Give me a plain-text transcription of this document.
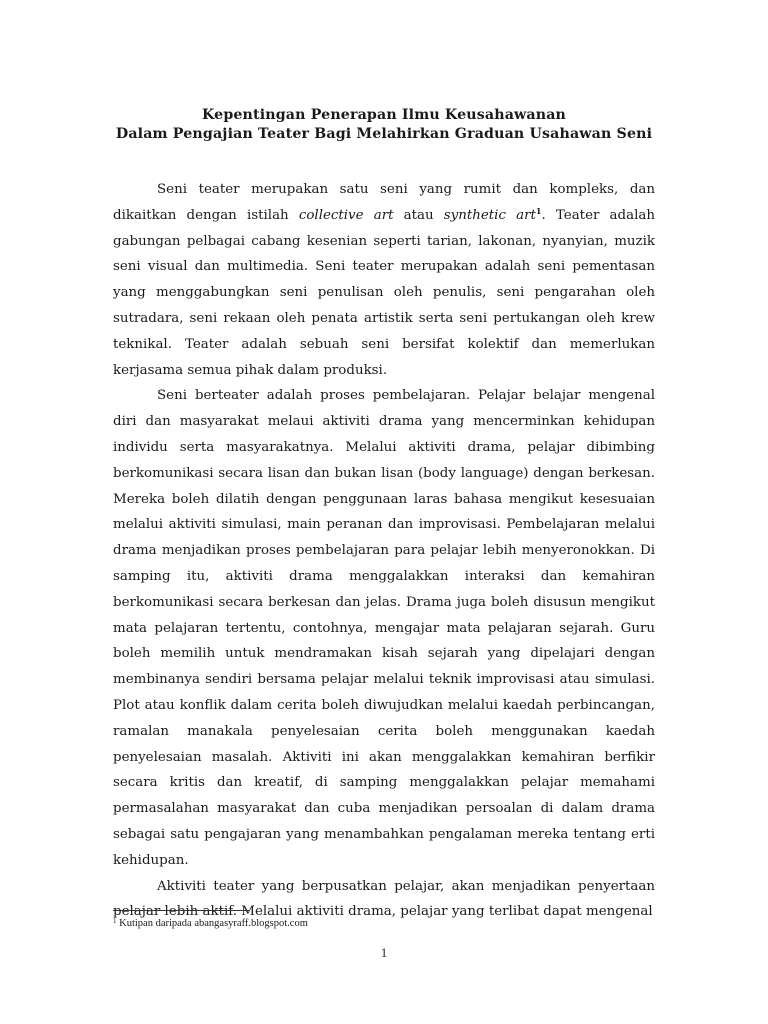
Kepentingan Penerapan Ilmu Keusahawanan
Dalam Pengajian Teater Bagi Melahirkan Graduan Usahawan Seni

Seni teater merupakan satu seni yang rumit dan kompleks, dan dikaitkan dengan istilah collective art atau synthetic art$^1$. Teater adalah gabungan pelbagai cabang kesenian seperti tarian, lakonan, nyanyian, muzik seni visual dan multimedia. Seni teater merupakan adalah seni pementasan yang menggabungkan seni penulisan oleh penulis, seni pengarahan oleh sutradara, seni rekaan oleh penata artistik serta seni pertukangan oleh krew teknikal. Teater adalah sebuah seni bersifat kolektif dan memerlukan kerjasama semua pihak dalam produksi.

Seni berteater adalah proses pembelajaran. Pelajar belajar mengenal diri dan masyarakat melaui aktiviti drama yang mencerminkan kehidupan individu serta masyarakatnya. Melalui aktiviti drama, pelajar dibimbing berkomunikasi secara lisan dan bukan lisan (body language) dengan berkesan. Mereka boleh dilatih dengan penggunaan laras bahasa mengikut kesesuaian melalui aktiviti simulasi, main peranan dan improvisasi. Pembelajaran melalui drama menjadikan proses pembelajaran para pelajar lebih menyeronokkan. Di samping itu, aktiviti drama menggalakkan interaksi dan kemahiran berkomunikasi secara berkesan dan jelas. Drama juga boleh disusun mengikut mata pelajaran tertentu, contohnya, mengajar mata pelajaran sejarah. Guru boleh memilih untuk mendramakan kisah sejarah yang dipelajari dengan membinanya sendiri bersama pelajar melalui teknik improvisasi atau simulasi. Plot atau konflik dalam cerita boleh diwujudkan melalui kaedah perbincangan, ramalan manakala penyelesaian cerita boleh menggunakan kaedah penyelesaian masalah. Aktiviti ini akan menggalakkan kemahiran berfikir secara kritis dan kreatif, di samping menggalakkan pelajar memahami permasalahan masyarakat dan cuba menjadikan persoalan di dalam drama sebagai satu pengajaran yang menambahkan pengalaman mereka tentang erti kehidupan.

Aktiviti teater yang berpusatkan pelajar, akan menjadikan penyertaan pelajar lebih aktif. Melalui aktiviti drama, pelajar yang terlibat dapat mengenal

$^1$ Kutipan daripada abangasyraff.blogspot.com
1
